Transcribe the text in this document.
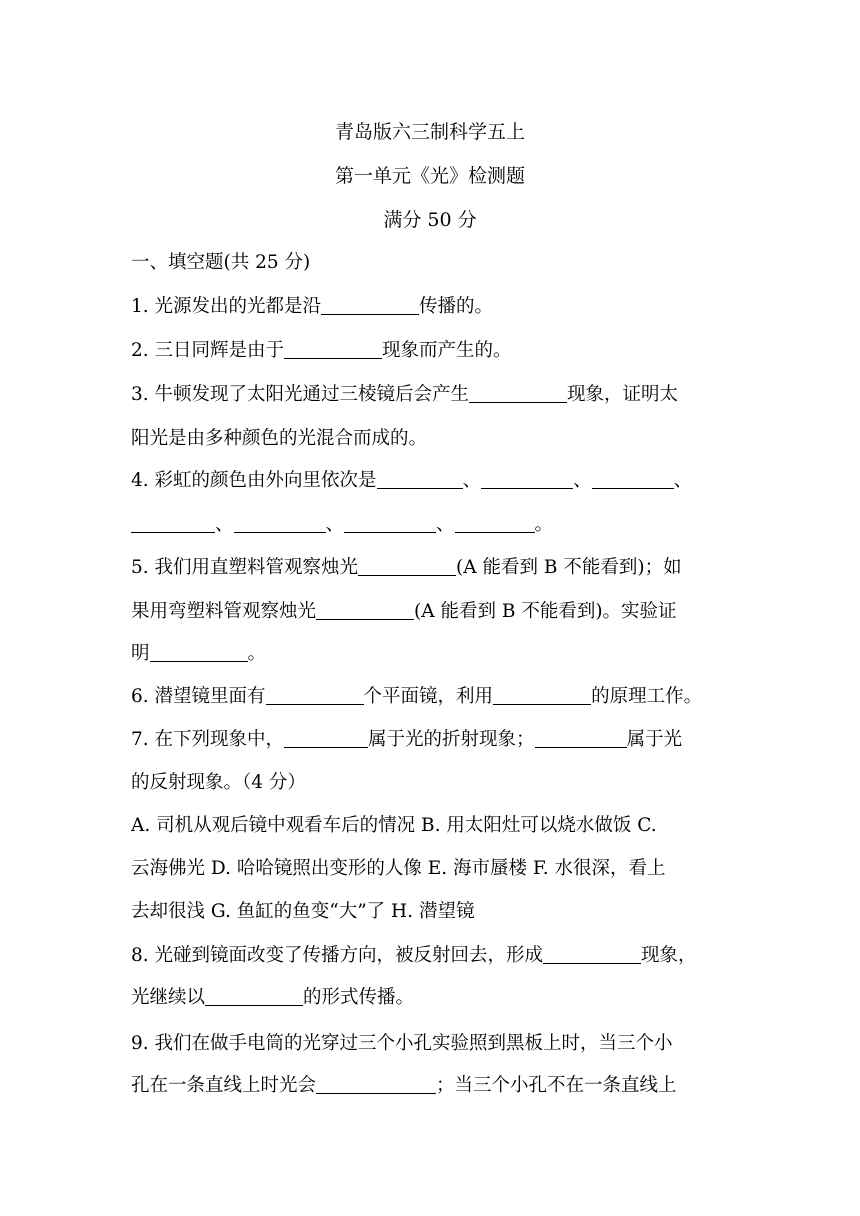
青岛版六三制科学五上
第一单元《光》检测题
满分 50 分
一、填空题(共 25 分)
1. 光源发出的光都是沿	传播的。
2. 三日同辉是由于	现象而产生的。
3. 牛顿发现了太阳光通过三棱镜后会产生	现象，证明太
阳光是由多种颜色的光混合而成的。
4. 彩虹的颜色由外向里依次是	、	、	、
、	、	、	。
5. 我们用直塑料管观察烛光	(A 能看到 B 不能看到)；如
果用弯塑料管观察烛光	(A 能看到 B 不能看到)。实验证
明	。
6. 潜望镜里面有	个平面镜，利用	的原理工作。
7. 在下列现象中，	属于光的折射现象；	属于光
的反射现象。（4 分）
A. 司机从观后镜中观看车后的情况 B. 用太阳灶可以烧水做饭 C.
云海佛光 D. 哈哈镜照出变形的人像 E. 海市蜃楼 F. 水很深，看上
去却很浅 G. 鱼缸的鱼变“大”了 H. 潜望镜
8. 光碰到镜面改变了传播方向，被反射回去，形成	现象，
光继续以	的形式传播。
9. 我们在做手电筒的光穿过三个小孔实验照到黑板上时，当三个小
孔在一条直线上时光会	；当三个小孔不在一条直线上
